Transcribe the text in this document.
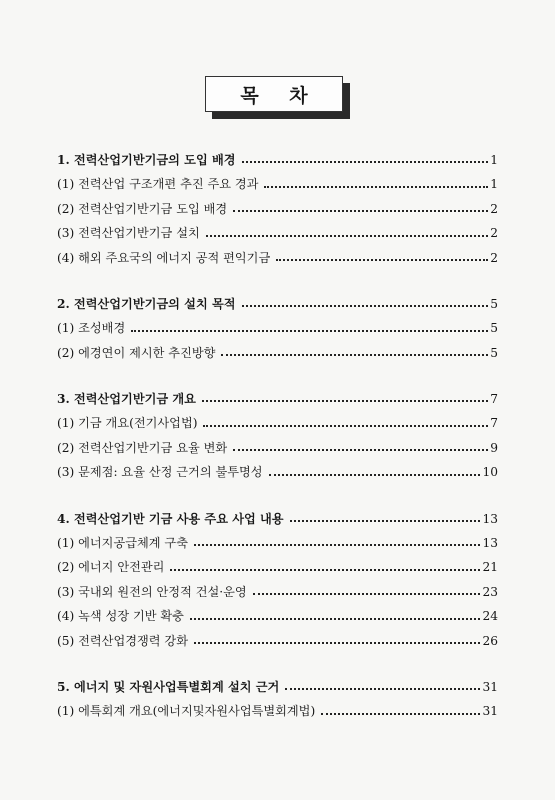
목 차
1. 전력산업기반기금의 도입 배경	1
(1) 전력산업 구조개편 추진 주요 경과	1
(2) 전력산업기반기금 도입 배경	2
(3) 전력산업기반기금 설치	2
(4) 해외 주요국의 에너지 공적 편익기금	2
2. 전력산업기반기금의 설치 목적	5
(1) 조성배경	5
(2) 에경연이 제시한 추진방향	5
3. 전력산업기반기금 개요	7
(1) 기금 개요(전기사업법)	7
(2) 전력산업기반기금 요율 변화	9
(3) 문제점: 요율 산정 근거의 불투명성	10
4. 전력산업기반 기금 사용 주요 사업 내용	13
(1) 에너지공급체계 구축	13
(2) 에너지 안전관리	21
(3) 국내외 원전의 안정적 건설·운영	23
(4) 녹색 성장 기반 확충	24
(5) 전력산업경쟁력 강화	26
5. 에너지 및 자원사업특별회계 설치 근거	31
(1) 에특회계 개요(에너지및자원사업특별회계법)	31
